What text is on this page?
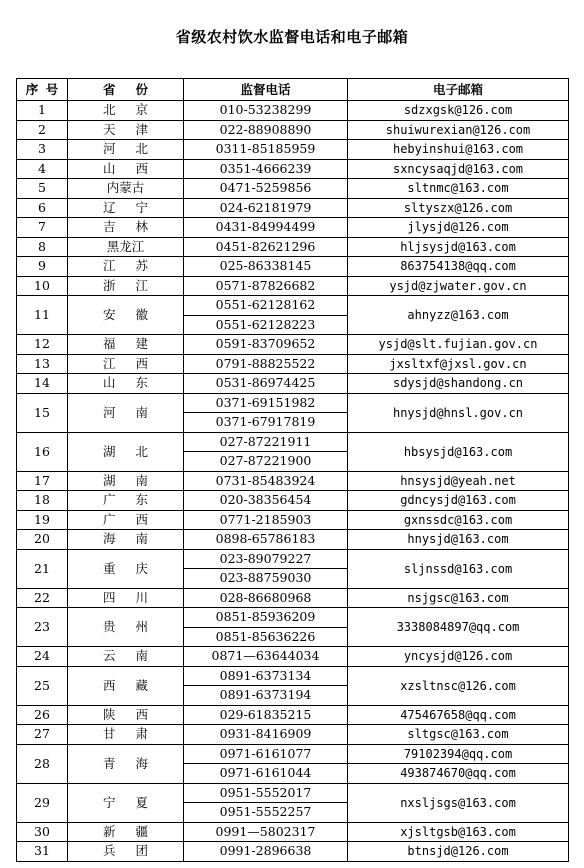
省级农村饮水监督电话和电子邮箱
序 号	省 份	监督电话	电子邮箱
1	北 京	010-53238299	sdzxgsk@126.com
2	天 津	022-88908890	shuiwurexian@126.com
3	河 北	0311-85185959	hebyinshui@163.com
4	山 西	0351-4666239	sxncysaqjd@163.com
5	内蒙古	0471-5259856	sltnmc@163.com
6	辽 宁	024-62181979	sltyszx@126.com
7	吉 林	0431-84994499	jlysjd@126.com
8	黑龙江	0451-82621296	hljsysjd@163.com
9	江 苏	025-86338145	863754138@qq.com
10	浙 江	0571-87826682	ysjd@zjwater.gov.cn
11	安 徽	0551-62128162	ahnyzz@163.com
		0551-62128223	
12	福 建	0591-83709652	ysjd@slt.fujian.gov.cn
13	江 西	0791-88825522	jxsltxf@jxsl.gov.cn
14	山 东	0531-86974425	sdysjd@shandong.cn
15	河 南	0371-69151982	hnysjd@hnsl.gov.cn
		0371-67917819	
16	湖 北	027-87221911	hbsysjd@163.com
		027-87221900	
17	湖 南	0731-85483924	hnsysjd@yeah.net
18	广 东	020-38356454	gdncysjd@163.com
19	广 西	0771-2185903	gxnssdc@163.com
20	海 南	0898-65786183	hnysjd@163.com
21	重 庆	023-89079227	sljnssd@163.com
		023-88759030	
22	四 川	028-86680968	nsjgsc@163.com
23	贵 州	0851-85936209	3338084897@qq.com
		0851-85636226	
24	云 南	0871—63644034	yncysjd@126.com
25	西 藏	0891-6373134	xzsltnsc@126.com
		0891-6373194	
26	陕 西	029-61835215	475467658@qq.com
27	甘 肃	0931-8416909	sltgsc@163.com
28	青 海	0971-6161077	79102394@qq.com
		0971-6161044	493874670@qq.com
29	宁 夏	0951-5552017	nxsljsgs@163.com
		0951-5552257	
30	新 疆	0991—5802317	xjsltgsb@163.com
31	兵 团	0991-2896638	btnsjd@126.com
